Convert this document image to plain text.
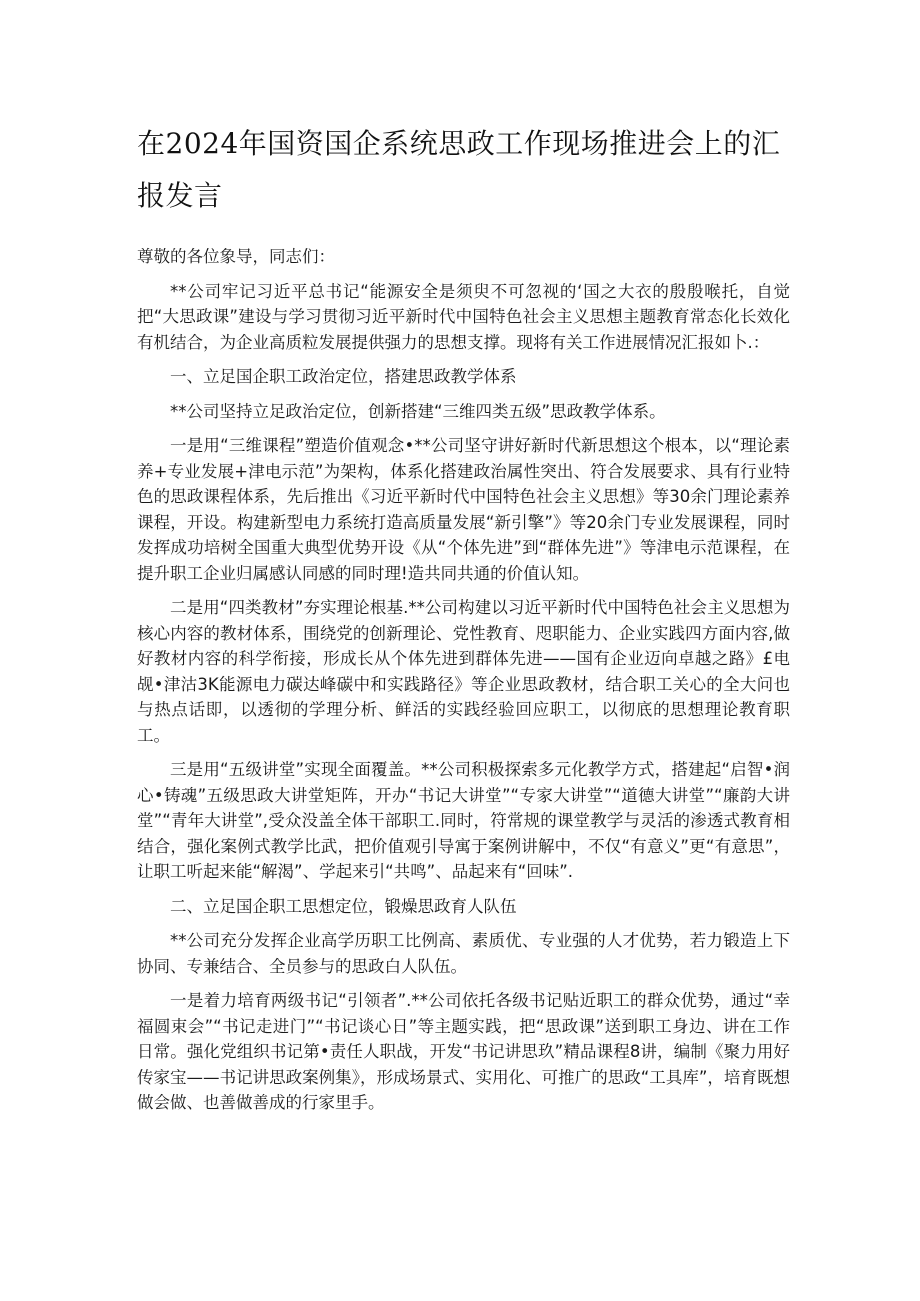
在2024年国资国企系统思政工作现场推进会上的汇报发言

尊敬的各位象导，同志们：

**公司牢记习近平总书记“能源安全是须臾不可忽视的‘国之大衣的殷殷喉托，自觉把“大思政课”建设与学习贯彻习近平新时代中国特色社会主义思想主题教育常态化长效化有机结合，为企业高质粒发展提供强力的思想支撑。现将有关工作进展情况汇报如卜.：

一、立足国企职工政治定位，搭建思政教学体系

**公司坚持立足政治定位，创新搭建“三维四类五级”思政教学体系。

一是用“三维课程”塑造价值观念•**公司坚守讲好新时代新思想这个根本，以“理论素养+专业发展+津电示范”为架构，体系化搭建政治属性突出、符合发展要求、具有行业特色的思政课程体系，先后推出《习近平新时代中国特色社会主义思想》等30余门理论素养课程，开设。构建新型电力系统打造高质量发展“新引擎”》等20余门专业发展课程，同时发挥成功培树全国重大典型优势开设《从“个体先进”到“群体先进”》等津电示范课程，在提升职工企业归属感认同感的同时理!造共同共通的价值认知。

二是用“四类教材”夯实理论根基.**公司构建以习近平新时代中国特色社会主义思想为核心内容的教材体系，围绕党的创新理论、党性教育、咫职能力、企业实践四方面内容,做好教材内容的科学衔接，形成长从个体先进到群体先进——国有企业迈向卓越之路》£电觇•津沽3K能源电力碳达峰碳中和实践路径》等企业思政教材，结合职工关心的全大问也与热点话即，以透彻的学理分析、鲜活的实践经验回应职工，以彻底的思想理论教育职工。

三是用“五级讲堂”实现全面覆盖。**公司积极探索多元化教学方式，搭建起“启智•润心•铸魂”五级思政大讲堂矩阵，开办“书记大讲堂”“专家大讲堂”“道德大讲堂”“廉韵大讲堂”“青年大讲堂”,受众没盖全体干部职工.同时，符常规的课堂教学与灵活的渗透式教育相结合，强化案例式教学比武，把价值观引导寓于案例讲解中，不仅“有意义”更“有意思”，让职工听起来能“解渴”、学起来引“共鸣”、品起来有“回味”.

二、立足国企职工思想定位，锻燥思政育人队伍

**公司充分发挥企业高学历职工比例高、素质优、专业强的人才优势，若力锻造上下协同、专兼结合、全员参与的思政白人队伍。

一是着力培育两级书记“引领者”.**公司依托各级书记贴近职工的群众优势，通过“幸福圆束会”“书记走进门”“书记谈心日”等主题实践，把“思政课”送到职工身边、讲在工作日常。强化党组织书记第•责任人职战，开发“书记讲思玖”精品课程8讲，编制《聚力用好传家宝——书记讲思政案例集》，形成场景式、实用化、可推广的思政“工具库”，培育既想做会做、也善做善成的行家里手。
